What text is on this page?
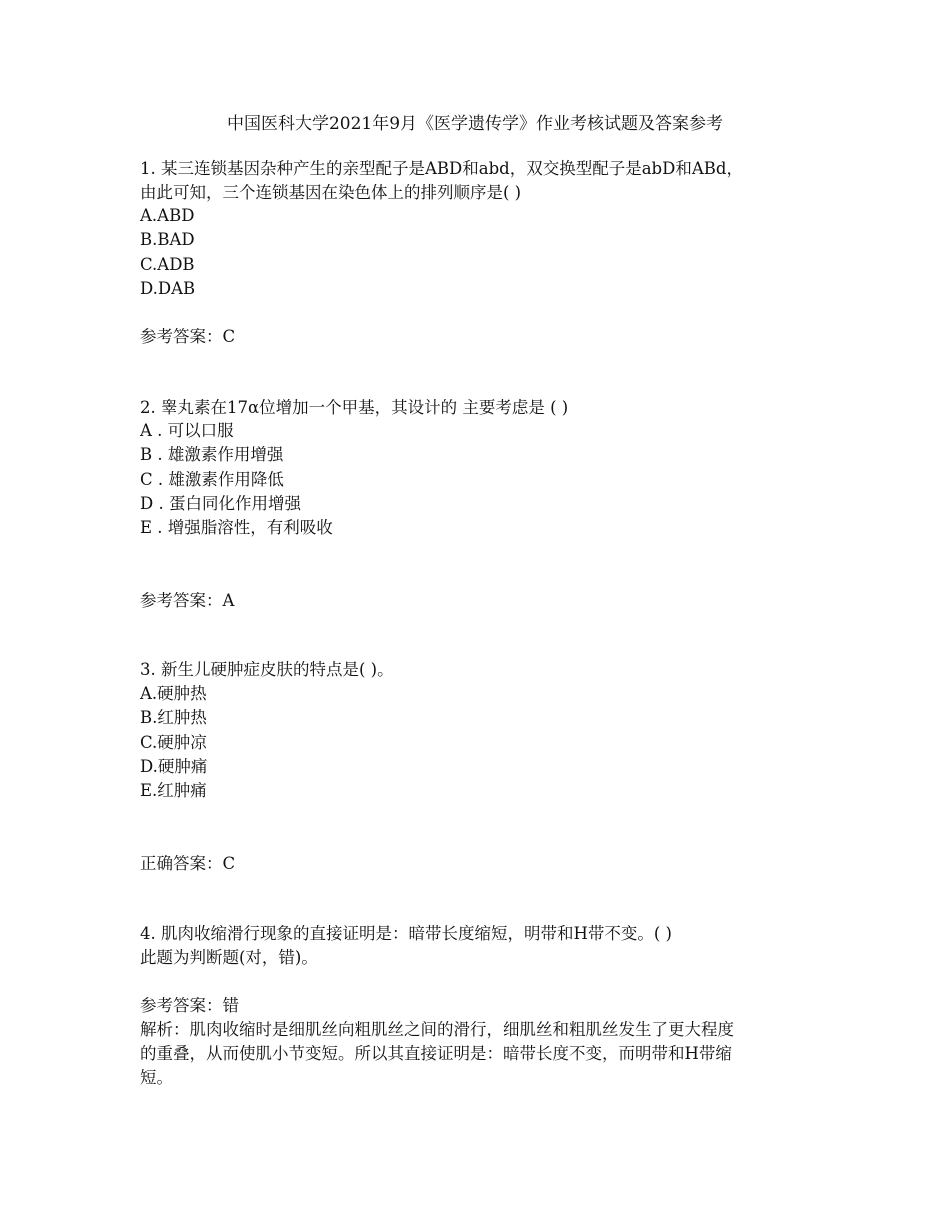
中国医科大学2021年9月《医学遗传学》作业考核试题及答案参考
1. 某三连锁基因杂种产生的亲型配子是ABD和abd，双交换型配子是abD和ABd，
由此可知，三个连锁基因在染色体上的排列顺序是( )
A.ABD
B.BAD
C.ADB
D.DAB
参考答案：C
2. 睾丸素在17α位增加一个甲基，其设计的 主要考虑是 ( )
A . 可以口服
B . 雄激素作用增强
C . 雄激素作用降低
D . 蛋白同化作用增强
E . 增强脂溶性，有利吸收
参考答案：A
3. 新生儿硬肿症皮肤的特点是( )。
A.硬肿热
B.红肿热
C.硬肿凉
D.硬肿痛
E.红肿痛
正确答案：C
4. 肌肉收缩滑行现象的直接证明是：暗带长度缩短，明带和H带不变。( )
此题为判断题(对，错)。
参考答案：错
解析：肌肉收缩时是细肌丝向粗肌丝之间的滑行，细肌丝和粗肌丝发生了更大程度
的重叠，从而使肌小节变短。所以其直接证明是：暗带长度不变，而明带和H带缩
短。
